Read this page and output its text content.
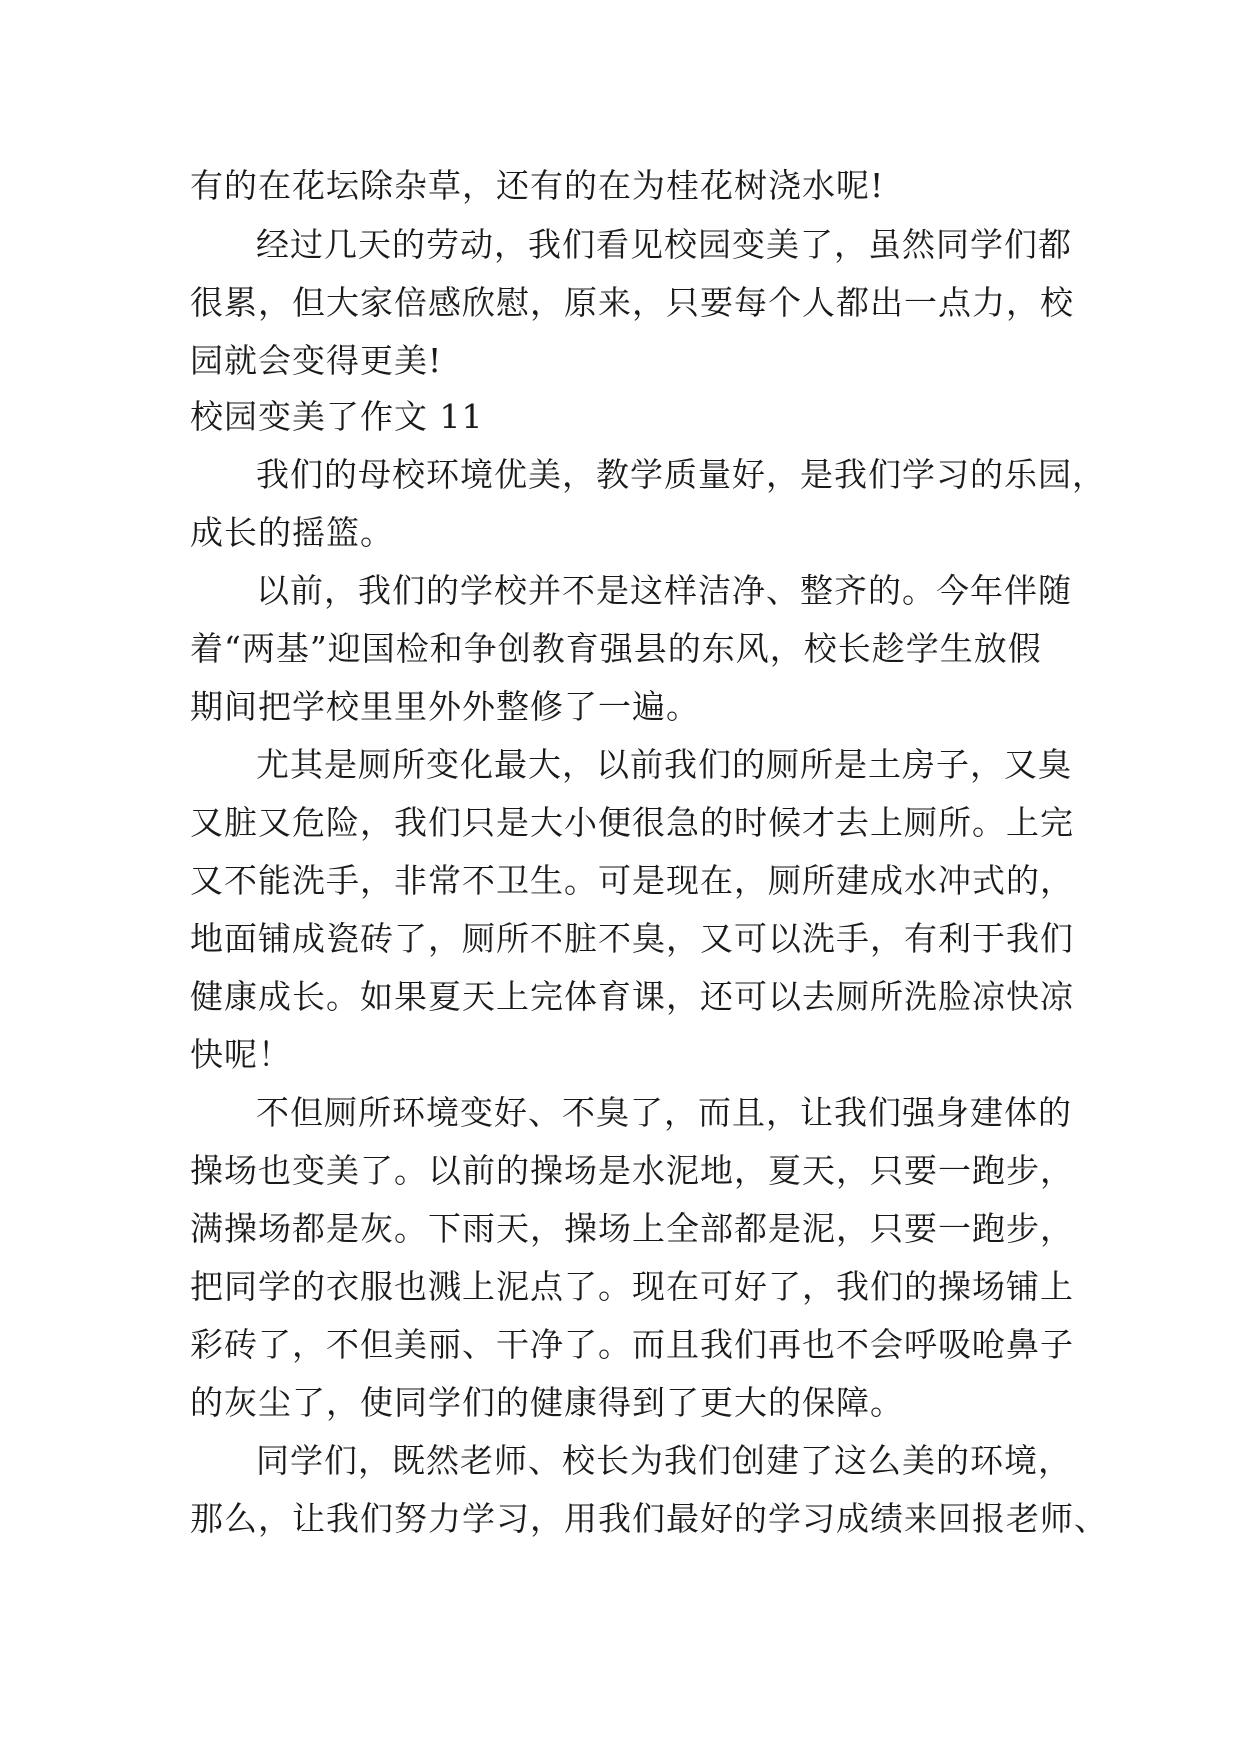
有的在花坛除杂草，还有的在为桂花树浇水呢!
经过几天的劳动，我们看见校园变美了，虽然同学们都
很累，但大家倍感欣慰，原来，只要每个人都出一点力，校
园就会变得更美!
校园变美了作文 11
我们的母校环境优美，教学质量好，是我们学习的乐园，
成长的摇篮。
以前，我们的学校并不是这样洁净、整齐的。今年伴随
着“两基”迎国检和争创教育强县的东风，校长趁学生放假
期间把学校里里外外整修了一遍。
尤其是厕所变化最大，以前我们的厕所是土房子，又臭
又脏又危险，我们只是大小便很急的时候才去上厕所。上完
又不能洗手，非常不卫生。可是现在，厕所建成水冲式的，
地面铺成瓷砖了，厕所不脏不臭，又可以洗手，有利于我们
健康成长。如果夏天上完体育课，还可以去厕所洗脸凉快凉
快呢！
不但厕所环境变好、不臭了，而且，让我们强身建体的
操场也变美了。以前的操场是水泥地，夏天，只要一跑步，
满操场都是灰。下雨天，操场上全部都是泥，只要一跑步，
把同学的衣服也溅上泥点了。现在可好了，我们的操场铺上
彩砖了，不但美丽、干净了。而且我们再也不会呼吸呛鼻子
的灰尘了，使同学们的健康得到了更大的保障。
同学们，既然老师、校长为我们创建了这么美的环境，
那么，让我们努力学习，用我们最好的学习成绩来回报老师、
